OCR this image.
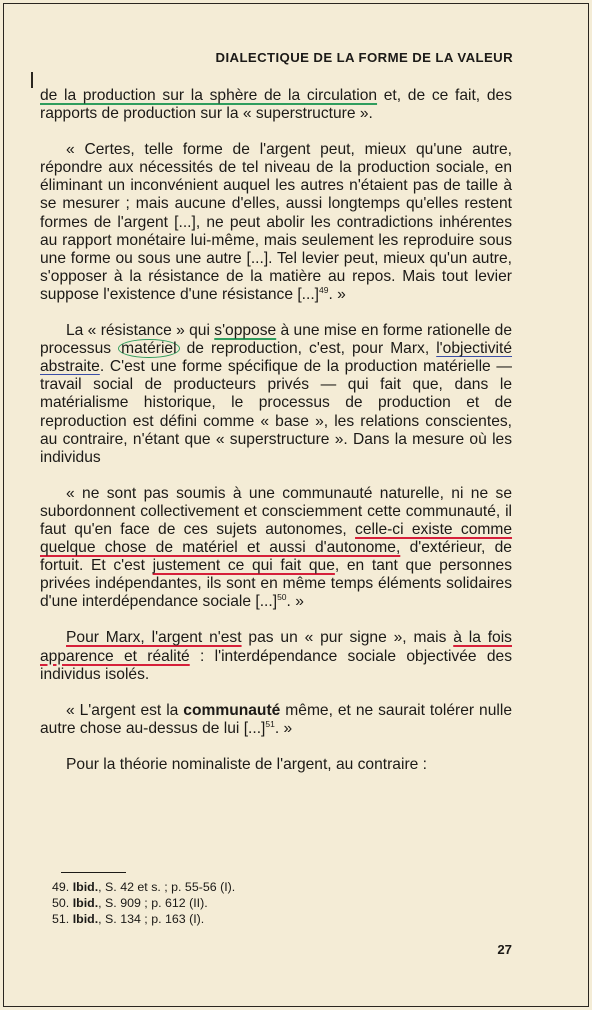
DIALECTIQUE DE LA FORME DE LA VALEUR

de la production sur la sphère de la circulation et, de ce fait, des rapports de production sur la « superstructure ».

« Certes, telle forme de l'argent peut, mieux qu'une autre, répondre aux nécessités de tel niveau de la production sociale, en éliminant un inconvénient auquel les autres n'étaient pas de taille à se mesurer ; mais aucune d'elles, aussi longtemps qu'elles restent formes de l'argent [...], ne peut abolir les contradictions inhérentes au rapport monétaire lui-même, mais seulement les reproduire sous une forme ou sous une autre [...]. Tel levier peut, mieux qu'un autre, s'opposer à la résistance de la matière au repos. Mais tout levier suppose l'existence d'une résistance [...]$^{49}$. »

La « résistance » qui s'oppose à une mise en forme rationelle de processus matériel de reproduction, c'est, pour Marx, l'objectivité abstraite. C'est une forme spécifique de la production matérielle — travail social de producteurs privés — qui fait que, dans le matérialisme historique, le processus de production et de reproduction est défini comme « base », les relations conscientes, au contraire, n'étant que « superstructure ». Dans la mesure où les individus

« ne sont pas soumis à une communauté naturelle, ni ne se subordonnent collectivement et consciemment cette communauté, il faut qu'en face de ces sujets autonomes, celle-ci existe comme quelque chose de matériel et aussi d'autonome, d'extérieur, de fortuit. Et c'est justement ce qui fait que, en tant que personnes privées indépendantes, ils sont en même temps éléments solidaires d'une interdépendance sociale [...]$^{50}$. »

Pour Marx, l'argent n'est pas un « pur signe », mais à la fois apparence et réalité : l'interdépendance sociale objectivée des individus isolés.

« L'argent est la communauté même, et ne saurait tolérer nulle autre chose au-dessus de lui [...]$^{51}$. »

Pour la théorie nominaliste de l'argent, au contraire :

49. Ibid., S. 42 et s. ; p. 55-56 (I).

50. Ibid., S. 909 ; p. 612 (II).

51. Ibid., S. 134 ; p. 163 (I).

27
